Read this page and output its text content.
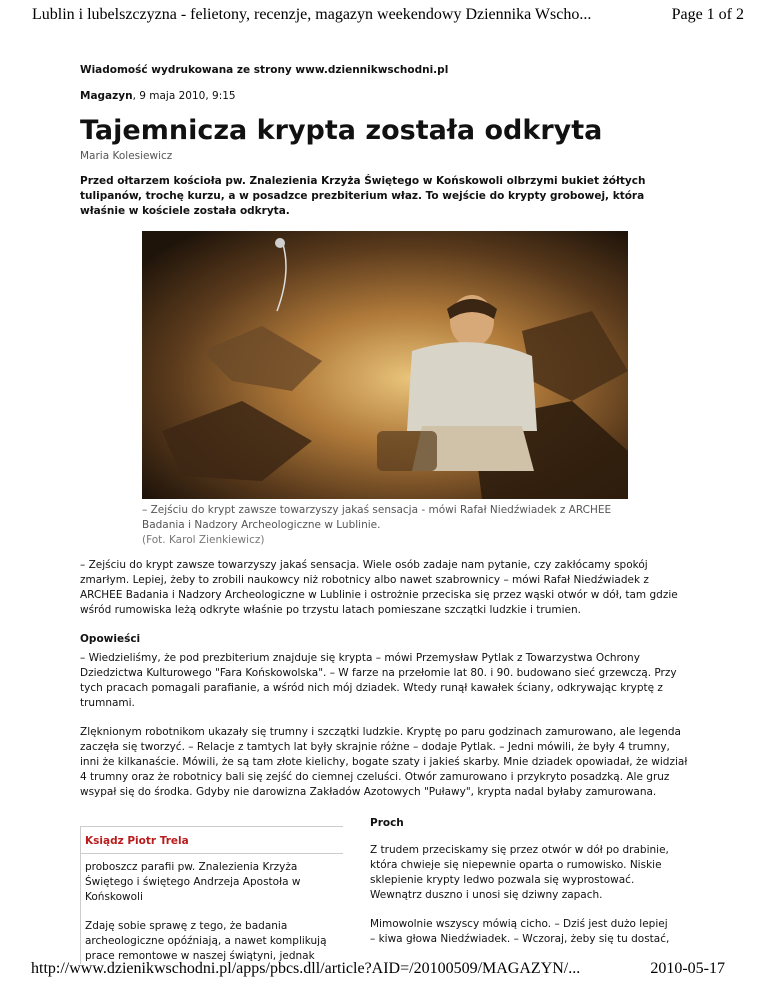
Lublin i lubelszczyzna - felietony, recenzje, magazyn weekendowy Dziennika Wscho...	Page 1 of 2
Wiadomość wydrukowana ze strony www.dziennikwschodni.pl
Magazyn, 9 maja 2010, 9:15
Tajemnicza krypta została odkryta
Maria Kolesiewicz
Przed ołtarzem kościoła pw. Znalezienia Krzyża Świętego w Końskowoli olbrzymi bukiet żółtych tulipanów, trochę kurzu, a w posadzce prezbiterium właz. To wejście do krypty grobowej, która właśnie w kościele została odkryta.
– Zejściu do krypt zawsze towarzyszy jakaś sensacja - mówi Rafał Niedźwiadek z ARCHEE Badania i Nadzory Archeologiczne w Lublinie.
(Fot. Karol Zienkiewicz)

– Zejściu do krypt zawsze towarzyszy jakaś sensacja. Wiele osób zadaje nam pytanie, czy zakłócamy spokój zmarłym. Lepiej, żeby to zrobili naukowcy niż robotnicy albo nawet szabrownicy – mówi Rafał Niedźwiadek z ARCHEE Badania i Nadzory Archeologiczne w Lublinie i ostrożnie przeciska się przez wąski otwór w dół, tam gdzie wśród rumowiska leżą odkryte właśnie po trzystu latach pomieszane szczątki ludzkie i trumien.

Opowieści

– Wiedzieliśmy, że pod prezbiterium znajduje się krypta – mówi Przemysław Pytlak z Towarzystwa Ochrony Dziedzictwa Kulturowego "Fara Końskowolska". – W farze na przełomie lat 80. i 90. budowano sieć grzewczą. Przy tych pracach pomagali parafianie, a wśród nich mój dziadek. Wtedy runął kawałek ściany, odkrywając kryptę z trumnami.

Zlęknionym robotnikom ukazały się trumny i szczątki ludzkie. Kryptę po paru godzinach zamurowano, ale legenda zaczęła się tworzyć. – Relacje z tamtych lat były skrajnie różne – dodaje Pytlak. – Jedni mówili, że były 4 trumny, inni że kilkanaście. Mówili, że są tam złote kielichy, bogate szaty i jakieś skarby. Mnie dziadek opowiadał, że widział 4 trumny oraz że robotnicy bali się zejść do ciemnej czeluści. Otwór zamurowano i przykryto posadzką. Ale gruz wsypał się do środka. Gdyby nie darowizna Zakładów Azotowych "Puławy", krypta nadal byłaby zamurowana.

Ksiądz Piotr Trela
proboszcz parafii pw. Znalezienia Krzyża Świętego i świętego Andrzeja Apostoła w Końskowoli
Zdaję sobie sprawę z tego, że badania archeologiczne opóźniają, a nawet komplikują prace remontowe w naszej świątyni, jednak
Proch

Z trudem przeciskamy się przez otwór w dół po drabinie, która chwieje się niepewnie oparta o rumowisko. Niskie sklepienie krypty ledwo pozwala się wyprostować. Wewnątrz duszno i unosi się dziwny zapach.

Mimowolnie wszyscy mówią cicho. – Dziś jest dużo lepiej – kiwa głowa Niedźwiadek. – Wczoraj, żeby się tu dostać,

http://www.dzienikwschodni.pl/apps/pbcs.dll/article?AID=/20100509/MAGAZYN/...	2010-05-17
